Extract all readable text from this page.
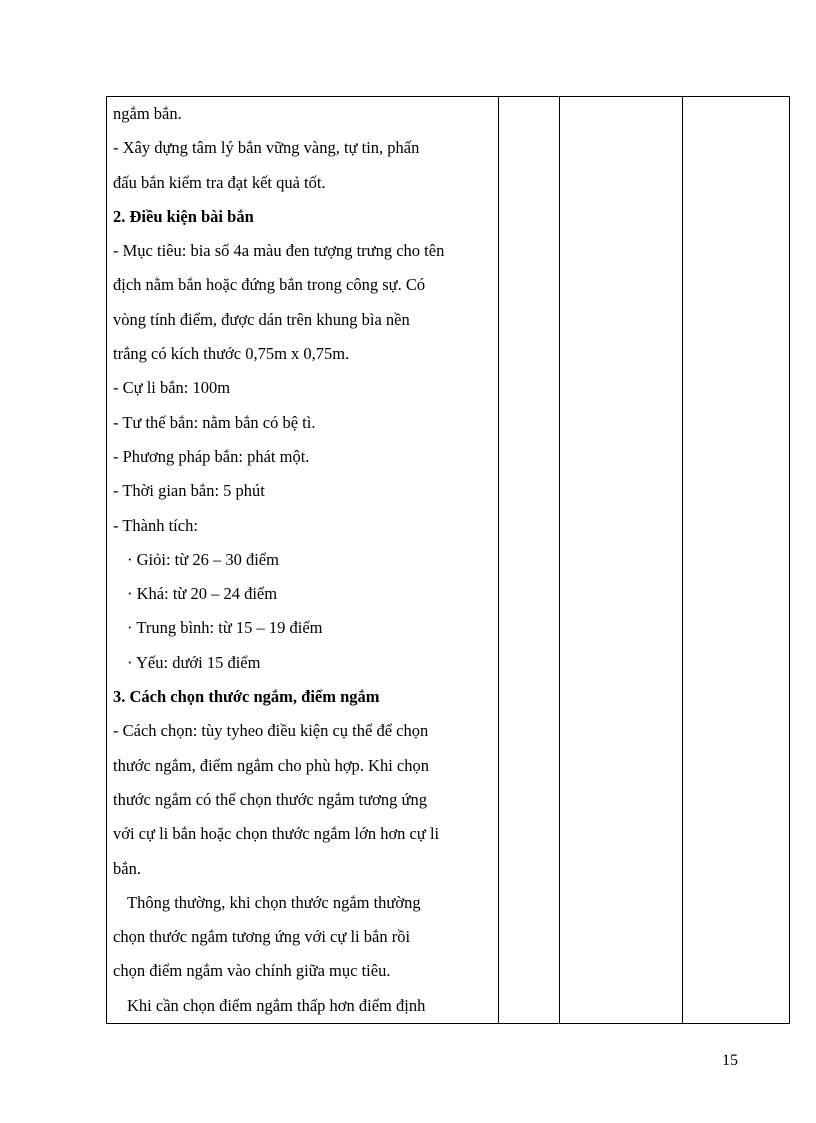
ngắm bắn.
- Xây dựng tâm lý bắn vững vàng, tự tin, phấn
đấu bắn kiểm tra đạt kết quả tốt.
2. Điều kiện bài bắn
- Mục tiêu: bia số 4a màu đen tượng trưng cho tên
địch nằm bắn hoặc đứng bắn trong công sự. Có
vòng tính điểm, được dán trên khung bìa nền
trắng có kích thước 0,75m x 0,75m.
- Cự li bắn: 100m
- Tư thế bắn: nằm bắn có bệ tì.
- Phương pháp bắn: phát một.
- Thời gian bắn: 5 phút
- Thành tích:
· Giỏi: từ 26 – 30 điểm
· Khá: từ 20 – 24 điểm
· Trung bình: từ 15 – 19 điểm
· Yếu: dưới 15 điểm
3. Cách chọn thước ngắm, điểm ngắm
- Cách chọn: tùy tyheo điều kiện cụ thể để chọn
thước ngắm, điểm ngắm cho phù hợp. Khi chọn
thước ngắm có thể chọn thước ngắm tương ứng
với cự li bắn hoặc chọn thước ngắm lớn hơn cự li
bắn.
Thông thường, khi chọn thước ngắm thường
chọn thước ngắm tương ứng với cự li bắn rồi
chọn điểm ngắm vào chính giữa mục tiêu.
Khi cần chọn điểm ngắm thấp hơn điểm định

15
